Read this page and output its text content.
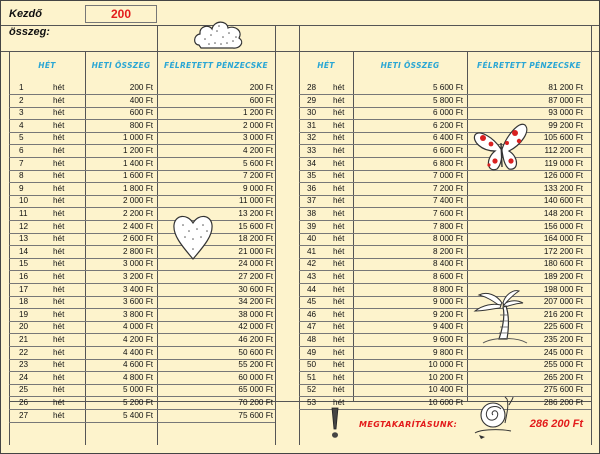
Kezdő összeg:
200
HÉT	HETI ÖSSZEG	FÉLRETETT PÉNZECSKE	HÉT	HETI ÖSSZEG	FÉLRETETT PÉNZECSKE
1	hét	200 Ft	200 Ft
2	hét	400 Ft	600 Ft
3	hét	600 Ft	1 200 Ft
4	hét	800 Ft	2 000 Ft
5	hét	1 000 Ft	3 000 Ft
6	hét	1 200 Ft	4 200 Ft
7	hét	1 400 Ft	5 600 Ft
8	hét	1 600 Ft	7 200 Ft
9	hét	1 800 Ft	9 000 Ft
10	hét	2 000 Ft	11 000 Ft
11	hét	2 200 Ft	13 200 Ft
12	hét	2 400 Ft	15 600 Ft
13	hét	2 600 Ft	18 200 Ft
14	hét	2 800 Ft	21 000 Ft
15	hét	3 000 Ft	24 000 Ft
16	hét	3 200 Ft	27 200 Ft
17	hét	3 400 Ft	30 600 Ft
18	hét	3 600 Ft	34 200 Ft
19	hét	3 800 Ft	38 000 Ft
20	hét	4 000 Ft	42 000 Ft
21	hét	4 200 Ft	46 200 Ft
22	hét	4 400 Ft	50 600 Ft
23	hét	4 600 Ft	55 200 Ft
24	hét	4 800 Ft	60 000 Ft
25	hét	5 000 Ft	65 000 Ft
26	hét	5 200 Ft	70 200 Ft
27	hét	5 400 Ft	75 600 Ft
28	hét	5 600 Ft	81 200 Ft
29	hét	5 800 Ft	87 000 Ft
30	hét	6 000 Ft	93 000 Ft
31	hét	6 200 Ft	99 200 Ft
32	hét	6 400 Ft	105 600 Ft
33	hét	6 600 Ft	112 200 Ft
34	hét	6 800 Ft	119 000 Ft
35	hét	7 000 Ft	126 000 Ft
36	hét	7 200 Ft	133 200 Ft
37	hét	7 400 Ft	140 600 Ft
38	hét	7 600 Ft	148 200 Ft
39	hét	7 800 Ft	156 000 Ft
40	hét	8 000 Ft	164 000 Ft
41	hét	8 200 Ft	172 200 Ft
42	hét	8 400 Ft	180 600 Ft
43	hét	8 600 Ft	189 200 Ft
44	hét	8 800 Ft	198 000 Ft
45	hét	9 000 Ft	207 000 Ft
46	hét	9 200 Ft	216 200 Ft
47	hét	9 400 Ft	225 600 Ft
48	hét	9 600 Ft	235 200 Ft
49	hét	9 800 Ft	245 000 Ft
50	hét	10 000 Ft	255 000 Ft
51	hét	10 200 Ft	265 200 Ft
52	hét	10 400 Ft	275 600 Ft
53	hét	10 600 Ft	286 200 Ft
MEGTAKARÍTÁSUNK:	286 200 Ft
